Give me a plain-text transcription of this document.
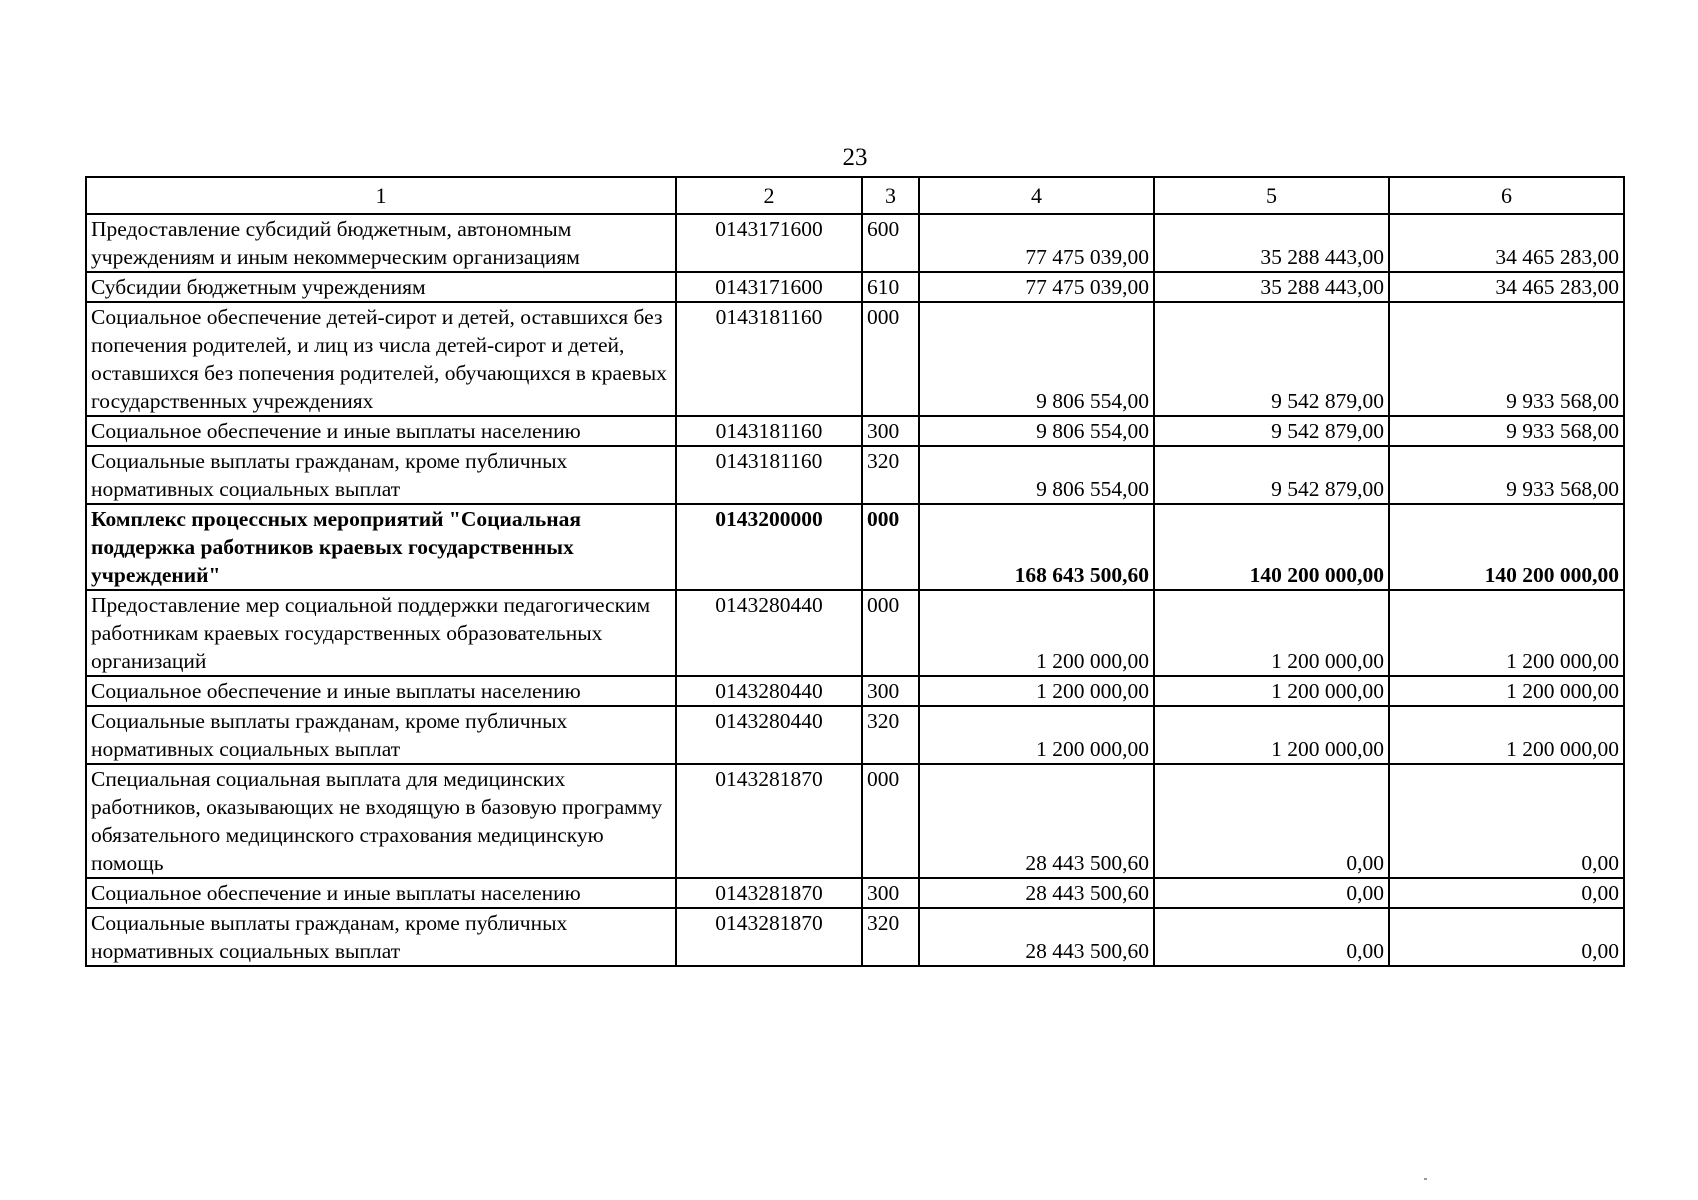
23
1	2	3	4	5	6
Предоставление субсидий бюджетным, автономным учреждениям и иным некоммерческим организациям	0143171600	600	77 475 039,00	35 288 443,00	34 465 283,00
Субсидии бюджетным учреждениям	0143171600	610	77 475 039,00	35 288 443,00	34 465 283,00
Социальное обеспечение детей-сирот и детей, оставшихся без попечения родителей, и лиц из числа детей-сирот и детей, оставшихся без попечения родителей, обучающихся в краевых государственных учреждениях	0143181160	000	9 806 554,00	9 542 879,00	9 933 568,00
Социальное обеспечение и иные выплаты населению	0143181160	300	9 806 554,00	9 542 879,00	9 933 568,00
Социальные выплаты гражданам, кроме публичных нормативных социальных выплат	0143181160	320	9 806 554,00	9 542 879,00	9 933 568,00
Комплекс процессных мероприятий "Социальная поддержка работников краевых государственных учреждений"	0143200000	000	168 643 500,60	140 200 000,00	140 200 000,00
Предоставление мер социальной поддержки педагогическим работникам краевых государственных образовательных организаций	0143280440	000	1 200 000,00	1 200 000,00	1 200 000,00
Социальное обеспечение и иные выплаты населению	0143280440	300	1 200 000,00	1 200 000,00	1 200 000,00
Социальные выплаты гражданам, кроме публичных нормативных социальных выплат	0143280440	320	1 200 000,00	1 200 000,00	1 200 000,00
Специальная социальная выплата для медицинских работников, оказывающих не входящую в базовую программу обязательного медицинского страхования медицинскую помощь	0143281870	000	28 443 500,60	0,00	0,00
Социальное обеспечение и иные выплаты населению	0143281870	300	28 443 500,60	0,00	0,00
Социальные выплаты гражданам, кроме публичных нормативных социальных выплат	0143281870	320	28 443 500,60	0,00	0,00
